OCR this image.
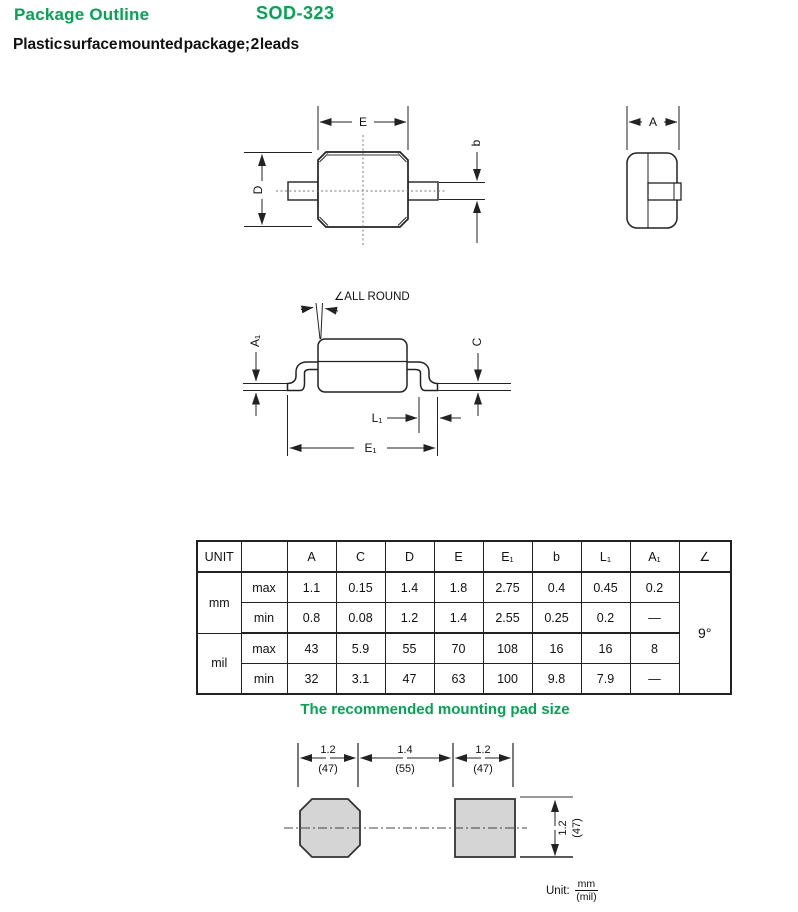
Package Outline	SOD-323
Plastic surface mounted package; 2 leads
E
D
b
A
∠ALL ROUND
A₁	C
L₁
E₁
UNIT		A	C	D	E	E₁	b	L₁	A₁	∠
mm	max	1.1	0.15	1.4	1.8	2.75	0.4	0.45	0.2	9°
	min	0.8	0.08	1.2	1.4	2.55	0.25	0.2	—	
mil	max	43	5.9	55	70	108	16	16	8	
	min	32	3.1	47	63	100	9.8	7.9	—	
The recommended mounting pad size
1.2
(47)
1.4
(55)
1.2
(47)
1.2 (47)
Unit: $\frac{mm}{\text{(mil)}}$
